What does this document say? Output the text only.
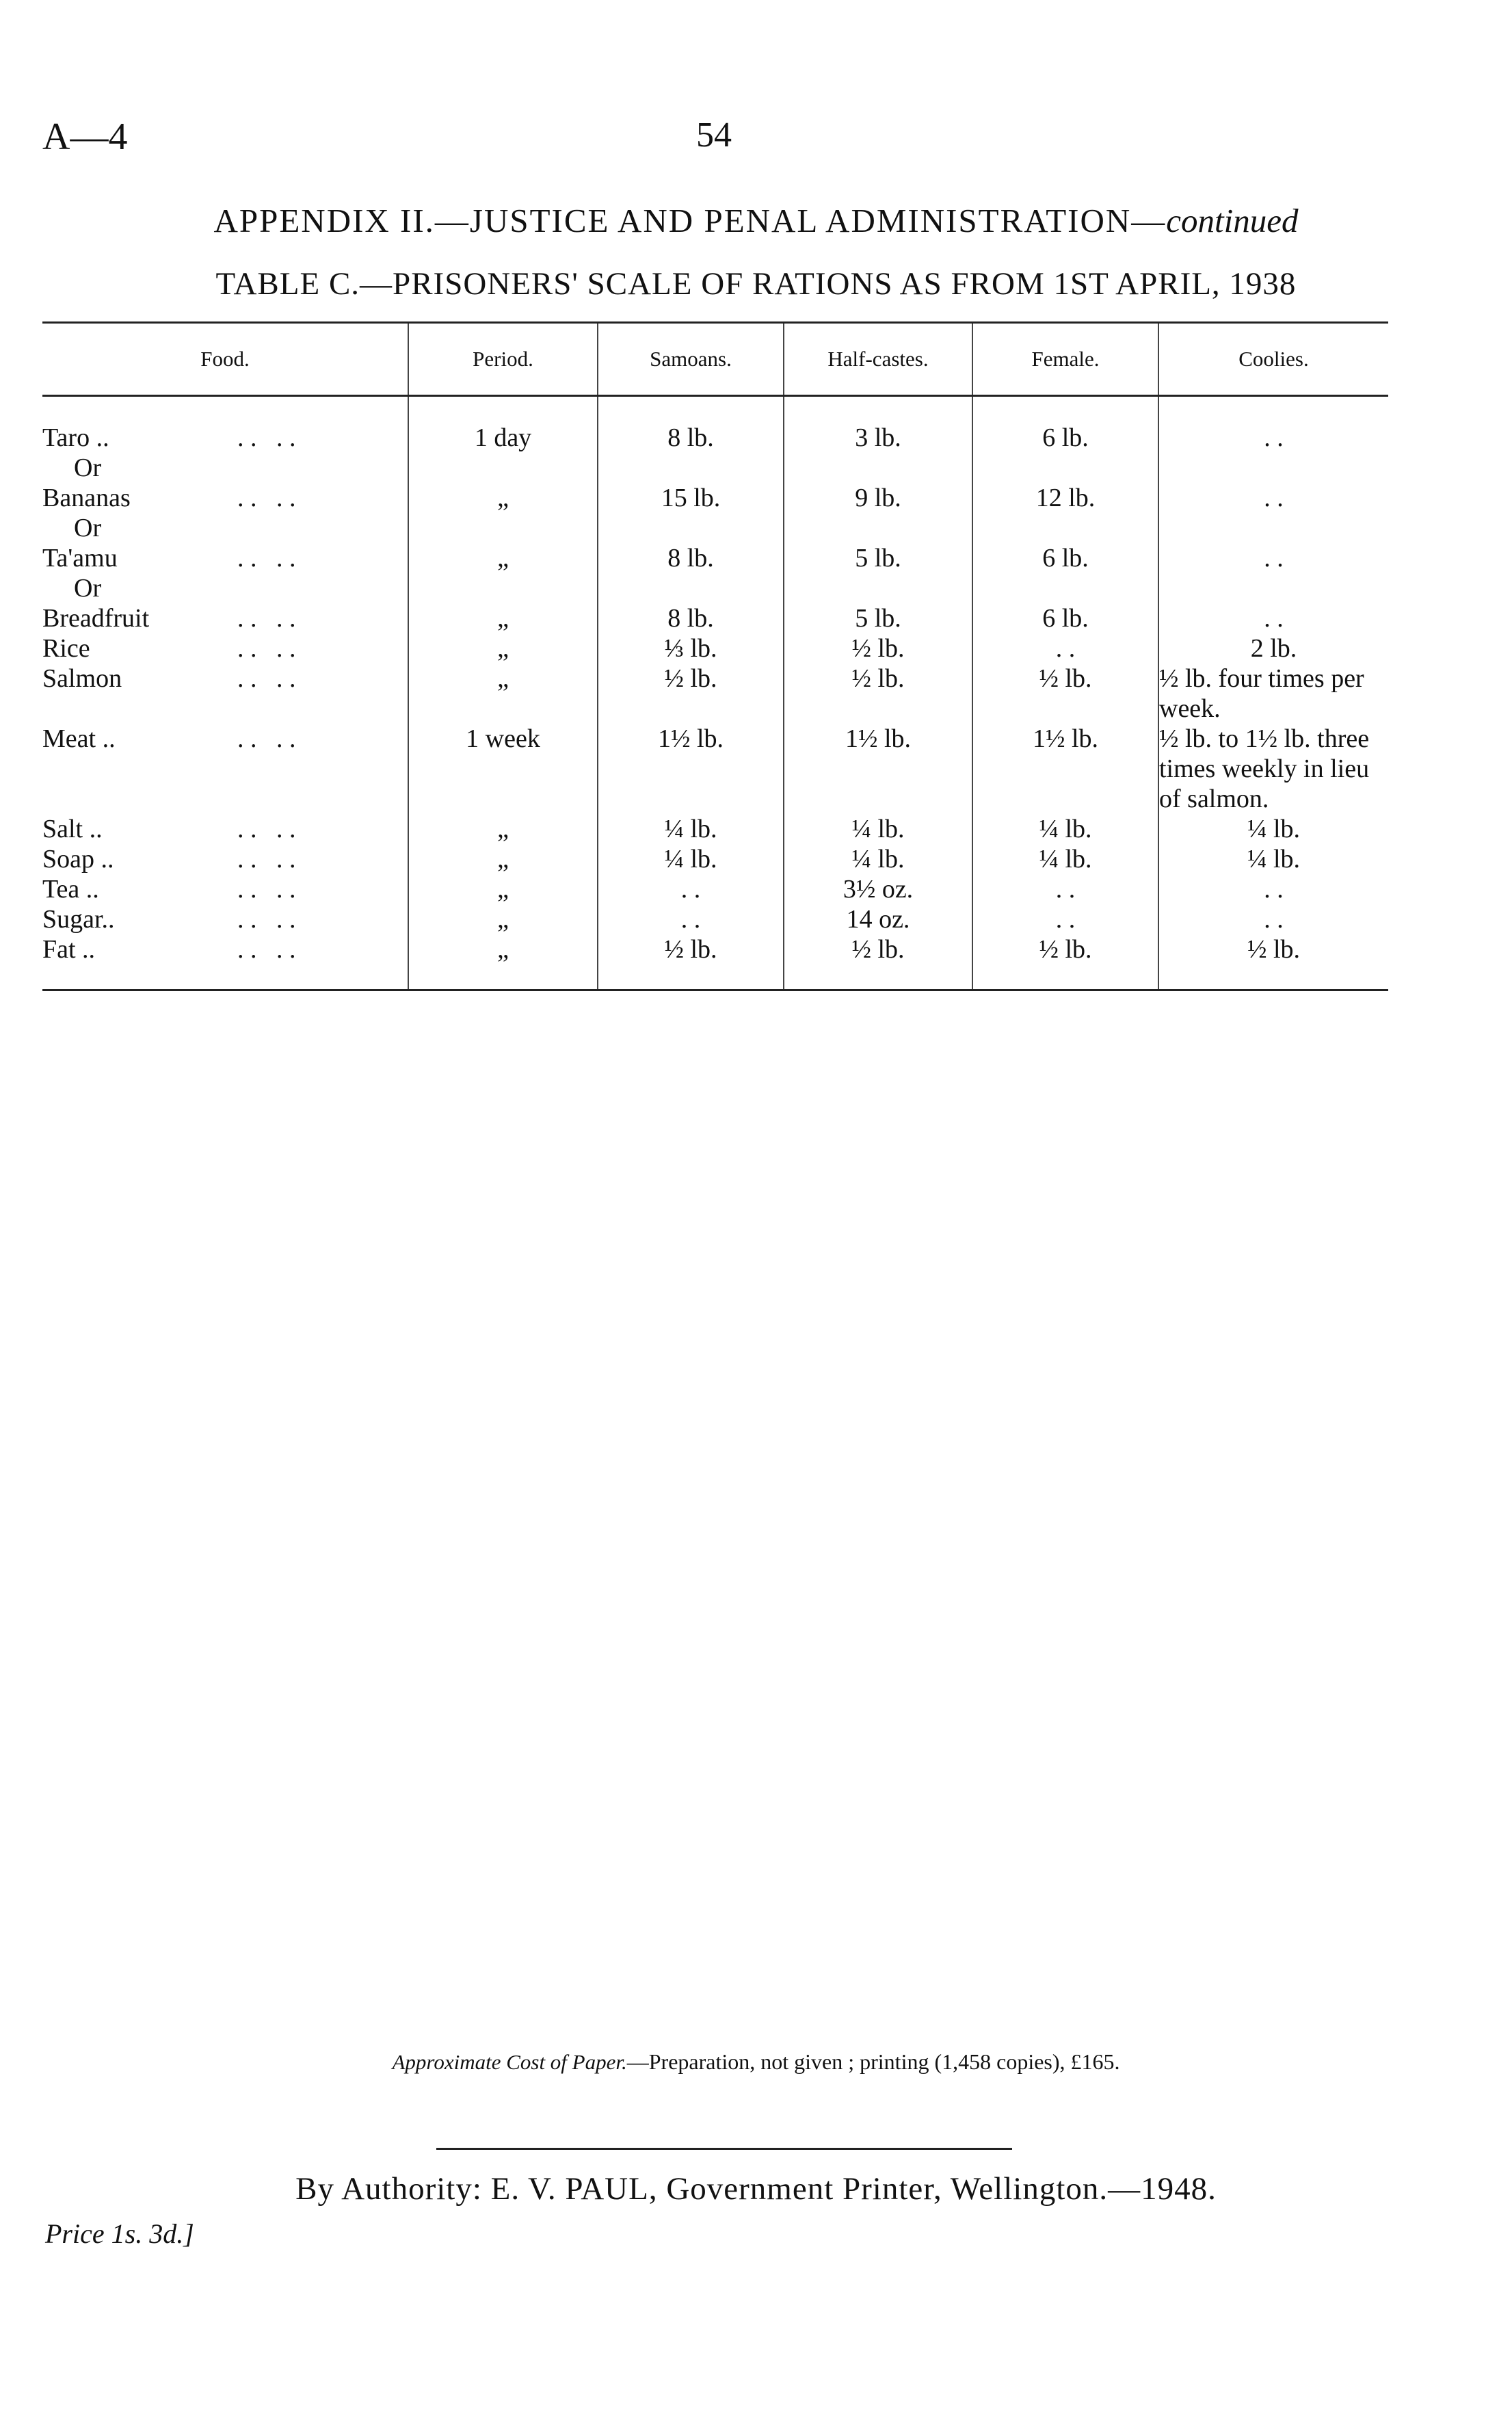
A—4	54
APPENDIX II.—JUSTICE AND PENAL ADMINISTRATION—continued
TABLE C.—PRISONERS' SCALE OF RATIONS AS FROM 1ST APRIL, 1938
Food.	Period.	Samoans.	Half-castes.	Female.	Coolies.

Taro .. . .   . .	1 day	8 lb.	3 lb.	6 lb.	. .
Or					
Bananas . .   . .	„	15 lb.	9 lb.	12 lb.	. .
Or					
Ta'amu . .   . .	„	8 lb.	5 lb.	6 lb.	. .
Or					
Breadfruit . .   . .	„	8 lb.	5 lb.	6 lb.	. .
Rice . .   . .	„	⅓ lb.	½ lb.	. .	2 lb.
Salmon . .   . .	„	½ lb.	½ lb.	½ lb.	½ lb. four times per week.
Meat .. . .   . .	1 week	1½ lb.	1½ lb.	1½ lb.	½ lb. to 1½ lb. three times weekly in lieu of salmon.
Salt .. . .   . .	„	¼ lb.	¼ lb.	¼ lb.	¼ lb.
Soap .. . .   . .	„	¼ lb.	¼ lb.	¼ lb.	¼ lb.
Tea .. . .   . .	„	. .	3½ oz.	. .	. .
Sugar.. . .   . .	„	. .	14 oz.	. .	. .
Fat .. . .   . .	„	½ lb.	½ lb.	½ lb.	½ lb.

Approximate Cost of Paper.—Preparation, not given ; printing (1,458 copies), £165.
By Authority: E. V. PAUL, Government Printer, Wellington.—1948.
Price 1s. 3d.]
